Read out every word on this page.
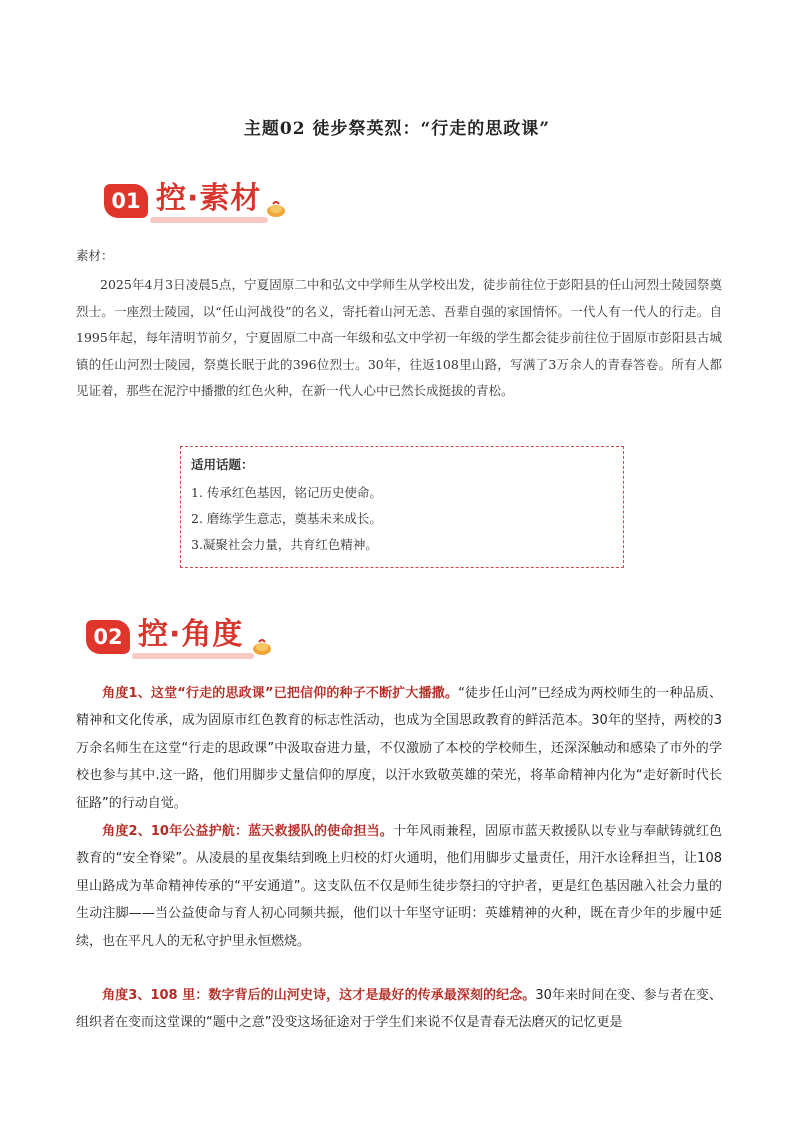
主题02 徒步祭英烈：“行走的思政课”
01 控·素材
素材：
2025年4月3日凌晨5点，宁夏固原二中和弘文中学师生从学校出发，徒步前往位于彭阳县的任山河烈士陵园祭奠烈士。一座烈士陵园，以“任山河战役”的名义，寄托着山河无恙、吾辈自强的家国情怀。一代人有一代人的行走。自1995年起，每年清明节前夕，宁夏固原二中高一年级和弘文中学初一年级的学生都会徒步前往位于固原市彭阳县古城镇的任山河烈士陵园，祭奠长眠于此的396位烈士。30年，往返108里山路，写满了3万余人的青春答卷。所有人都见证着，那些在泥泞中播撒的红色火种，在新一代人心中已然长成挺拔的青松。
适用话题：
1. 传承红色基因，铭记历史使命。
2. 磨练学生意志，奠基未来成长。
3.凝聚社会力量，共育红色精神。
02 控·角度
角度1、这堂“行走的思政课”已把信仰的种子不断扩大播撒。“徒步任山河”已经成为两校师生的一种品质、精神和文化传承，成为固原市红色教育的标志性活动，也成为全国思政教育的鲜活范本。30年的坚持，两校的3万余名师生在这堂“行走的思政课”中汲取奋进力量，不仅激励了本校的学校师生，还深深触动和感染了市外的学校也参与其中.这一路，他们用脚步丈量信仰的厚度，以汗水致敬英雄的荣光，将革命精神内化为“走好新时代长征路”的行动自觉。
角度2、10年公益护航：蓝天救援队的使命担当。十年风雨兼程，固原市蓝天救援队以专业与奉献铸就红色教育的“安全脊梁”。从凌晨的星夜集结到晚上归校的灯火通明，他们用脚步丈量责任，用汗水诠释担当，让108里山路成为革命精神传承的“平安通道”。这支队伍不仅是师生徒步祭扫的守护者，更是红色基因融入社会力量的生动注脚——当公益使命与育人初心同频共振，他们以十年坚守证明：英雄精神的火种，既在青少年的步履中延续，也在平凡人的无私守护里永恒燃烧。
角度3、108 里：数字背后的山河史诗，这才是最好的传承最深刻的纪念。30年来时间在变、参与者在变、组织者在变而这堂课的“题中之意”没变这场征途对于学生们来说不仅是青春无法磨灭的记忆更是
